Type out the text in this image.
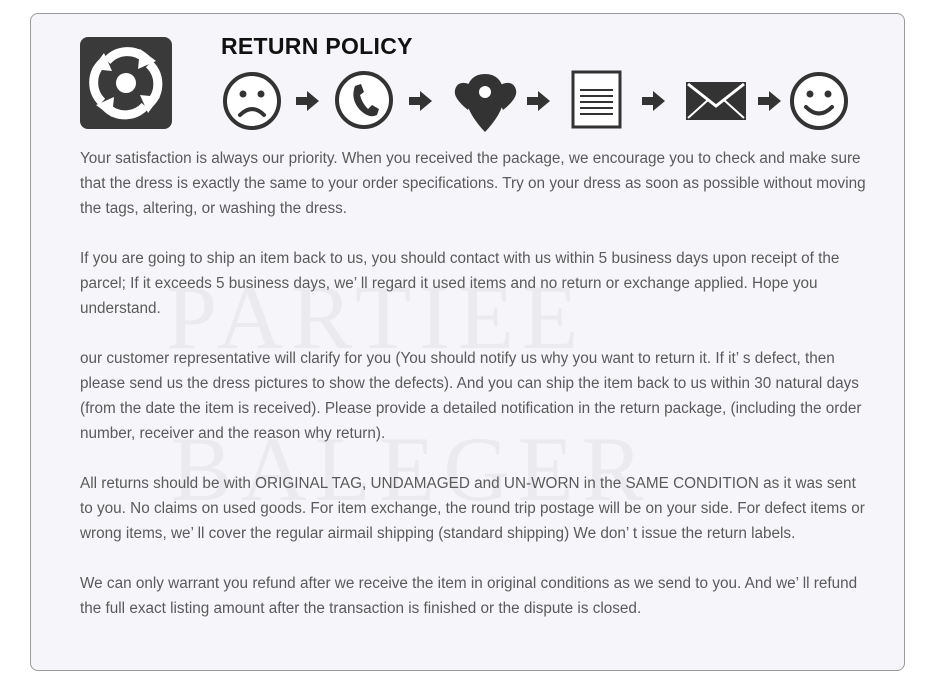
RETURN POLICY

Your satisfaction is always our priority. When you received the package, we encourage you to check and make sure that the dress is exactly the same to your order specifications. Try on your dress as soon as possible without moving the tags, altering, or washing the dress.

If you are going to ship an item back to us, you should contact with us within 5 business days upon receipt of the parcel; If it exceeds 5 business days, we’ ll regard it used items and no return or exchange applied. Hope you understand.

our customer representative will clarify for you (You should notify us why you want to return it. If it’ s defect, then please send us the dress pictures to show the defects). And you can ship the item back to us within 30 natural days (from the date the item is received). Please provide a detailed notification in the return package, (including the order number, receiver and the reason why return).

All returns should be with ORIGINAL TAG, UNDAMAGED and UN-WORN in the SAME CONDITION as it was sent to you. No claims on used goods. For item exchange, the round trip postage will be on your side. For defect items or wrong items, we’ ll cover the regular airmail shipping (standard shipping) We don’ t issue the return labels.

We can only warrant you refund after we receive the item in original conditions as we send to you. And we’ ll refund the full exact listing amount after the transaction is finished or the dispute is closed.
